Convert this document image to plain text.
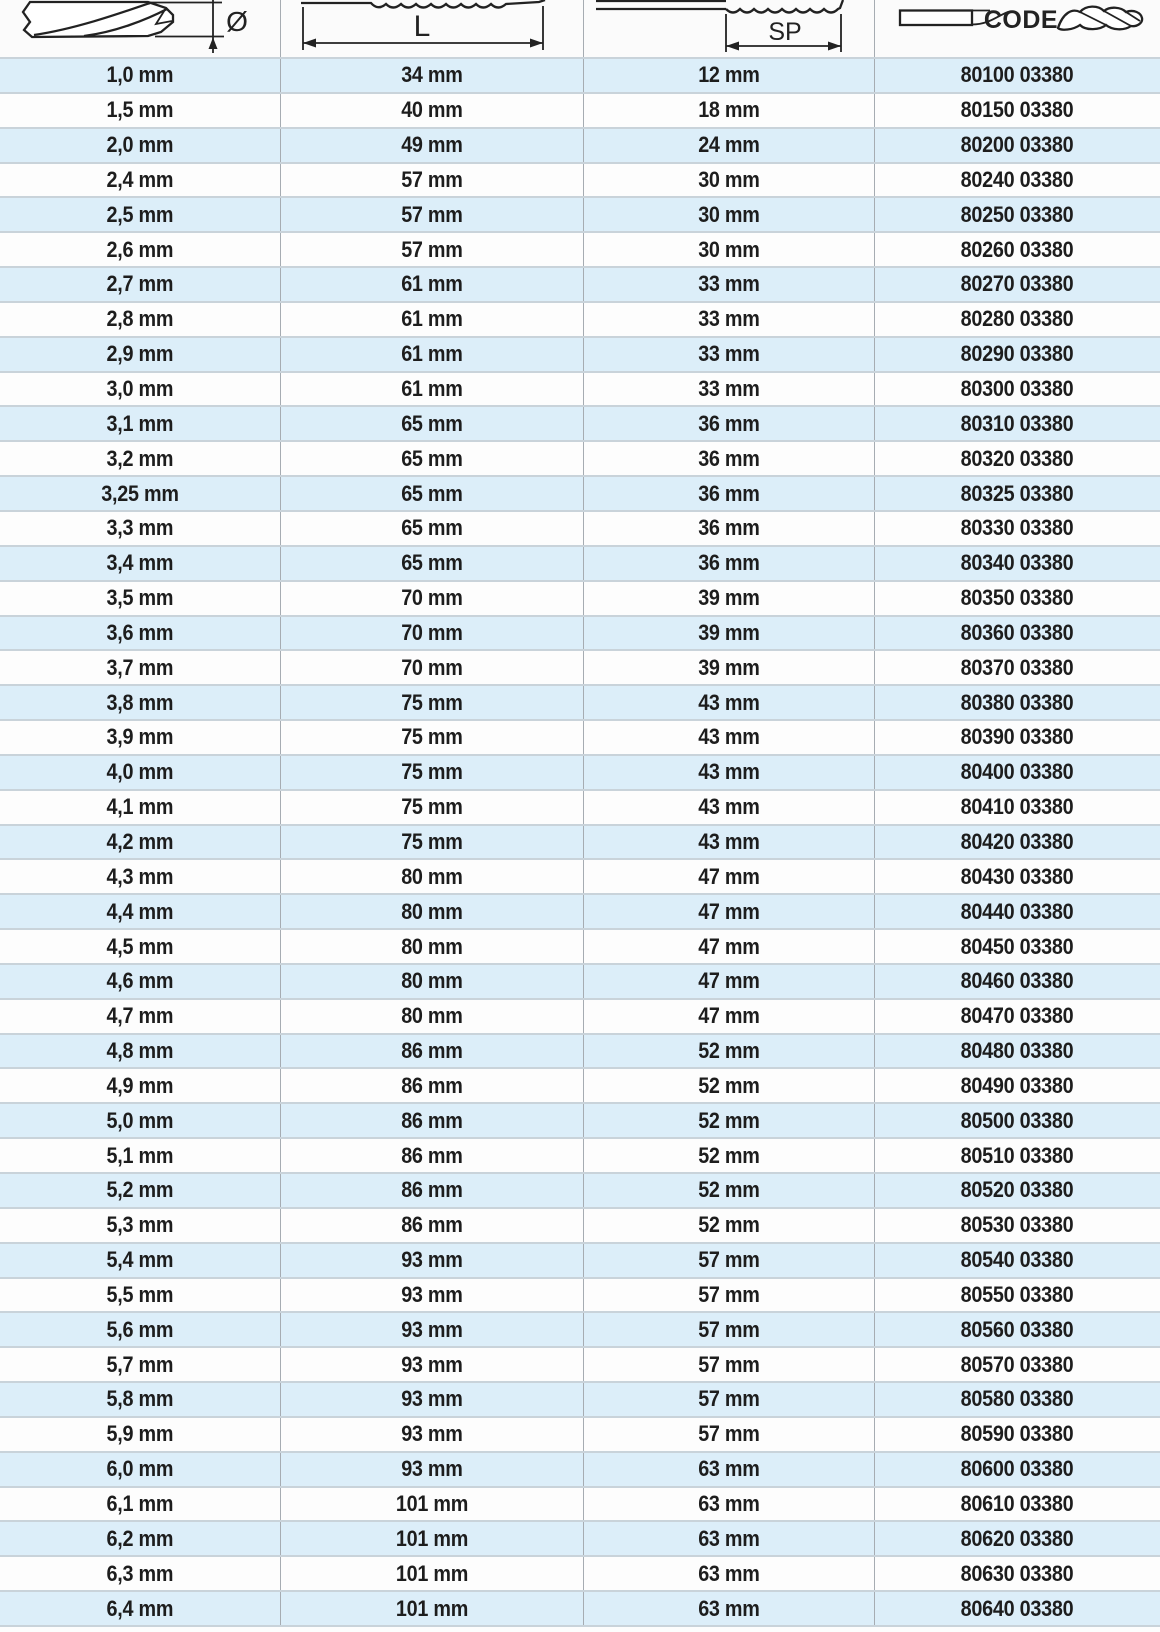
Ø	L	SP	CODE
1,0 mm	34 mm	12 mm	80100 03380
1,5 mm	40 mm	18 mm	80150 03380
2,0 mm	49 mm	24 mm	80200 03380
2,4 mm	57 mm	30 mm	80240 03380
2,5 mm	57 mm	30 mm	80250 03380
2,6 mm	57 mm	30 mm	80260 03380
2,7 mm	61 mm	33 mm	80270 03380
2,8 mm	61 mm	33 mm	80280 03380
2,9 mm	61 mm	33 mm	80290 03380
3,0 mm	61 mm	33 mm	80300 03380
3,1 mm	65 mm	36 mm	80310 03380
3,2 mm	65 mm	36 mm	80320 03380
3,25 mm	65 mm	36 mm	80325 03380
3,3 mm	65 mm	36 mm	80330 03380
3,4 mm	65 mm	36 mm	80340 03380
3,5 mm	70 mm	39 mm	80350 03380
3,6 mm	70 mm	39 mm	80360 03380
3,7 mm	70 mm	39 mm	80370 03380
3,8 mm	75 mm	43 mm	80380 03380
3,9 mm	75 mm	43 mm	80390 03380
4,0 mm	75 mm	43 mm	80400 03380
4,1 mm	75 mm	43 mm	80410 03380
4,2 mm	75 mm	43 mm	80420 03380
4,3 mm	80 mm	47 mm	80430 03380
4,4 mm	80 mm	47 mm	80440 03380
4,5 mm	80 mm	47 mm	80450 03380
4,6 mm	80 mm	47 mm	80460 03380
4,7 mm	80 mm	47 mm	80470 03380
4,8 mm	86 mm	52 mm	80480 03380
4,9 mm	86 mm	52 mm	80490 03380
5,0 mm	86 mm	52 mm	80500 03380
5,1 mm	86 mm	52 mm	80510 03380
5,2 mm	86 mm	52 mm	80520 03380
5,3 mm	86 mm	52 mm	80530 03380
5,4 mm	93 mm	57 mm	80540 03380
5,5 mm	93 mm	57 mm	80550 03380
5,6 mm	93 mm	57 mm	80560 03380
5,7 mm	93 mm	57 mm	80570 03380
5,8 mm	93 mm	57 mm	80580 03380
5,9 mm	93 mm	57 mm	80590 03380
6,0 mm	93 mm	63 mm	80600 03380
6,1 mm	101 mm	63 mm	80610 03380
6,2 mm	101 mm	63 mm	80620 03380
6,3 mm	101 mm	63 mm	80630 03380
6,4 mm	101 mm	63 mm	80640 03380
